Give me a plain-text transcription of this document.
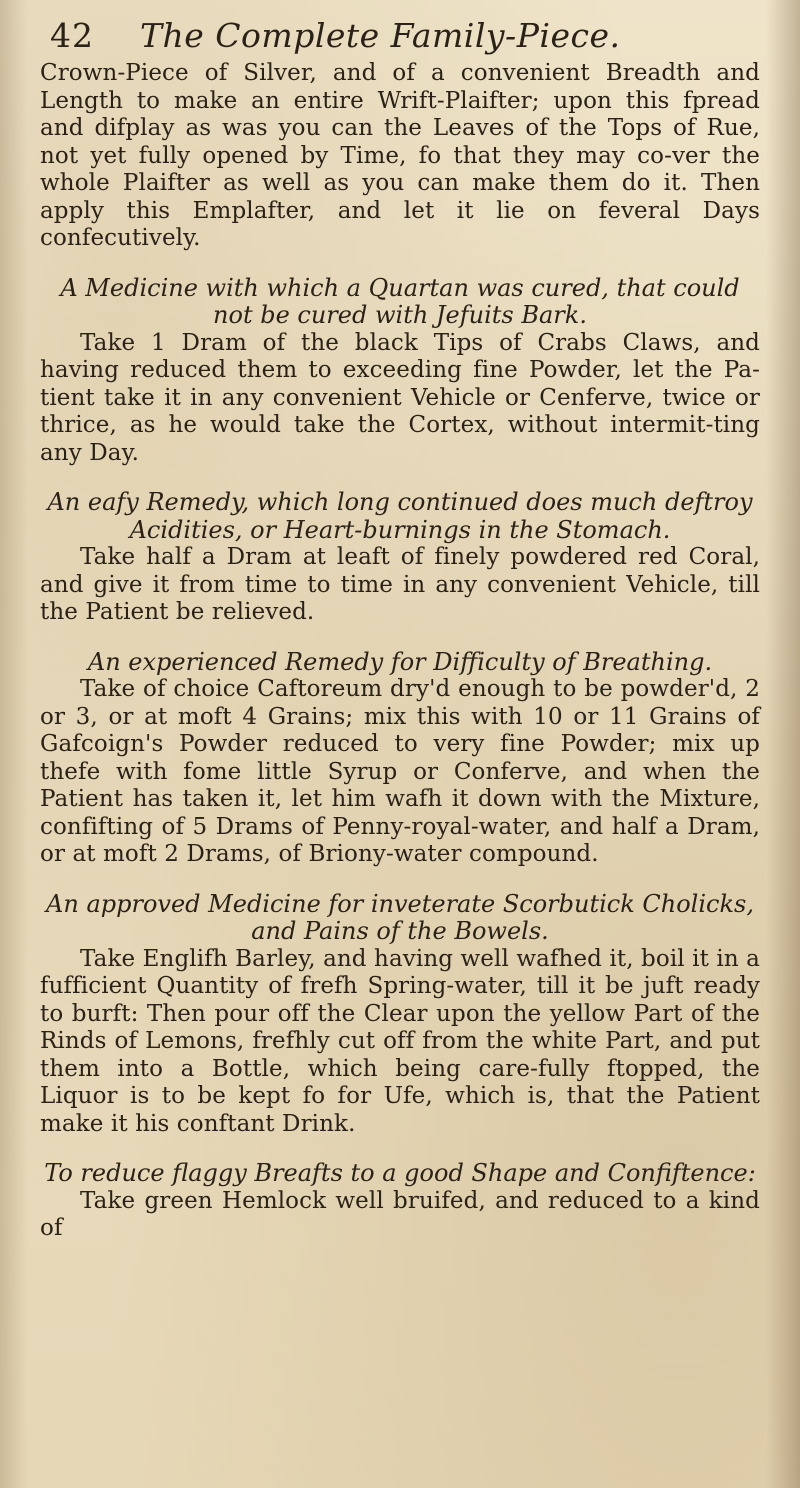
42	The Complete Family-Piece.

Crown-Piece of Silver, and of a convenient Breadth and Length to make an entire Wrift-Plaifter; upon this fpread and difplay as was you can the Leaves of the Tops of Rue, not yet fully opened by Time, fo that they may co-ver the whole Plaifter as well as you can make them do it. Then apply this Emplafter, and let it lie on feveral Days confecutively.

A Medicine with which a Quartan was cured, that could not be cured with Jefuits Bark.

Take 1 Dram of the black Tips of Crabs Claws, and having reduced them to exceeding fine Powder, let the Pa-tient take it in any convenient Vehicle or Cenferve, twice or thrice, as he would take the Cortex, without intermit-ting any Day.

An eafy Remedy, which long continued does much deftroy Acidities, or Heart-burnings in the Stomach.

Take half a Dram at leaft of finely powdered red Coral, and give it from time to time in any convenient Vehicle, till the Patient be relieved.

An experienced Remedy for Difficulty of Breathing.

Take of choice Caftoreum dry'd enough to be powder'd, 2 or 3, or at moft 4 Grains; mix this with 10 or 11 Grains of Gafcoign's Powder reduced to very fine Powder; mix up thefe with fome little Syrup or Conferve, and when the Patient has taken it, let him wafh it down with the Mixture, confifting of 5 Drams of Penny-royal-water, and half a Dram, or at moft 2 Drams, of Briony-water compound.

An approved Medicine for inveterate Scorbutick Cholicks, and Pains of the Bowels.

Take Englifh Barley, and having well wafhed it, boil it in a fufficient Quantity of frefh Spring-water, till it be juft ready to burft: Then pour off the Clear upon the yellow Part of the Rinds of Lemons, frefhly cut off from the white Part, and put them into a Bottle, which being care-fully ftopped, the Liquor is to be kept fo for Ufe, which is, that the Patient make it his conftant Drink.

To reduce flaggy Breafts to a good Shape and Confiftence:

Take green Hemlock well bruifed, and reduced to a kind of
